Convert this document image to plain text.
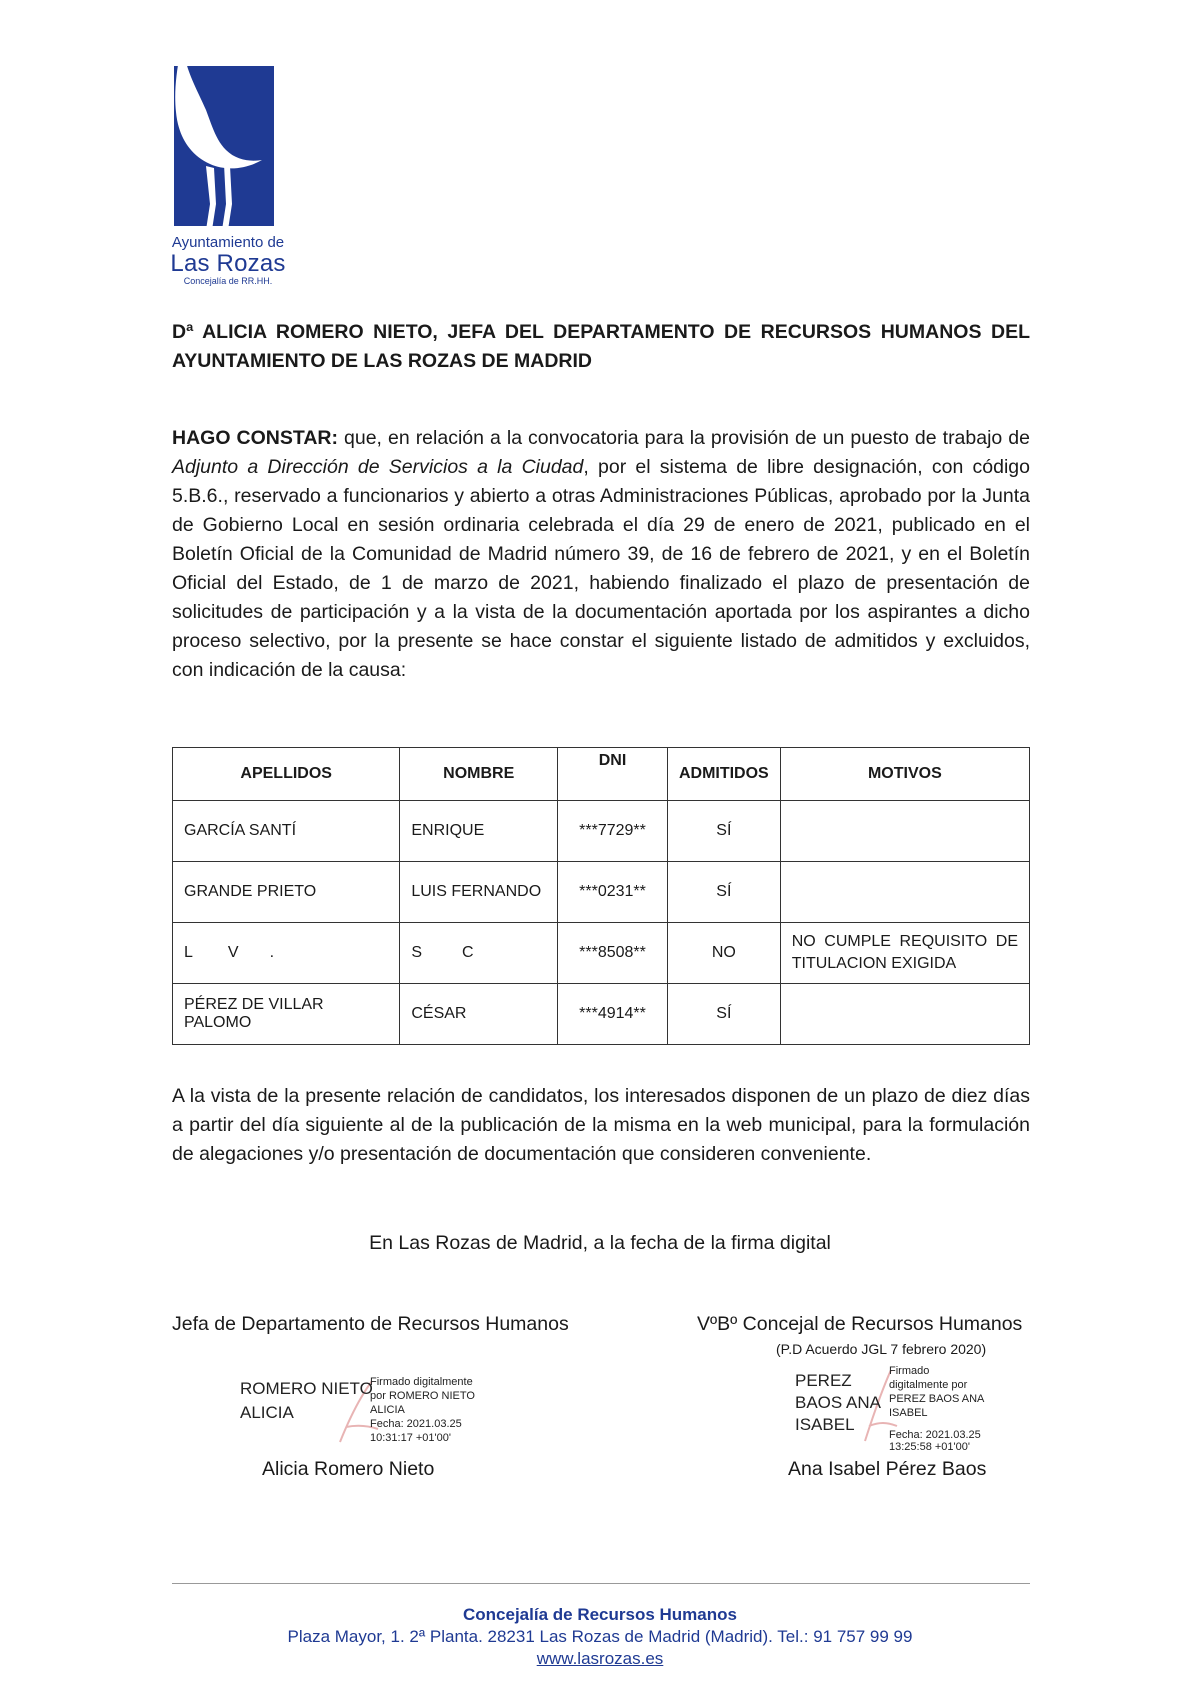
Ayuntamiento de
Las Rozas
Concejalía de RR.HH.
Dª ALICIA ROMERO NIETO, JEFA DEL DEPARTAMENTO DE RECURSOS HUMANOS DEL AYUNTAMIENTO DE LAS ROZAS DE MADRID
HAGO CONSTAR: que, en relación a la convocatoria para la provisión de un puesto de trabajo de Adjunto a Dirección de Servicios a la Ciudad, por el sistema de libre designación, con código 5.B.6., reservado a funcionarios y abierto a otras Administraciones Públicas, aprobado por la Junta de Gobierno Local en sesión ordinaria celebrada el día 29 de enero de 2021, publicado en el Boletín Oficial de la Comunidad de Madrid número 39, de 16 de febrero de 2021, y en el Boletín Oficial del Estado, de 1 de marzo de 2021, habiendo finalizado el plazo de presentación de solicitudes de participación y a la vista de la documentación aportada por los aspirantes a dicho proceso selectivo, por la presente se hace constar el siguiente listado de admitidos y excluidos, con indicación de la causa:
APELLIDOS	NOMBRE	DNI	ADMITIDOS	MOTIVOS
GARCÍA SANTÍ	ENRIQUE	***7729**	SÍ	
GRANDE PRIETO	LUIS FERNANDO	***0231**	SÍ	
L        V       .	S         C	***8508**	NO	NO CUMPLE REQUISITO DE TITULACION EXIGIDA
PÉREZ DE VILLAR PALOMO	CÉSAR	***4914**	SÍ	
A la vista de la presente relación de candidatos, los interesados disponen de un plazo de diez días a partir del día siguiente al de la publicación de la misma en la web municipal, para la formulación de alegaciones y/o presentación de documentación que consideren conveniente.
En Las Rozas de Madrid, a la fecha de la firma digital
Jefa de Departamento de Recursos Humanos	VºBº Concejal de Recursos Humanos
(P.D Acuerdo JGL 7 febrero 2020)
ROMERO NIETO
ALICIA
Firmado digitalmente
por ROMERO NIETO
ALICIA
Fecha: 2021.03.25
10:31:17 +01'00'
PEREZ
BAOS ANA
ISABEL
Firmado
digitalmente por
PEREZ BAOS ANA
ISABEL
Fecha: 2021.03.25
13:25:58 +01'00'
Alicia Romero Nieto	Ana Isabel Pérez Baos
Concejalía de Recursos Humanos
Plaza Mayor, 1. 2ª Planta. 28231 Las Rozas de Madrid (Madrid). Tel.: 91 757 99 99
www.lasrozas.es
